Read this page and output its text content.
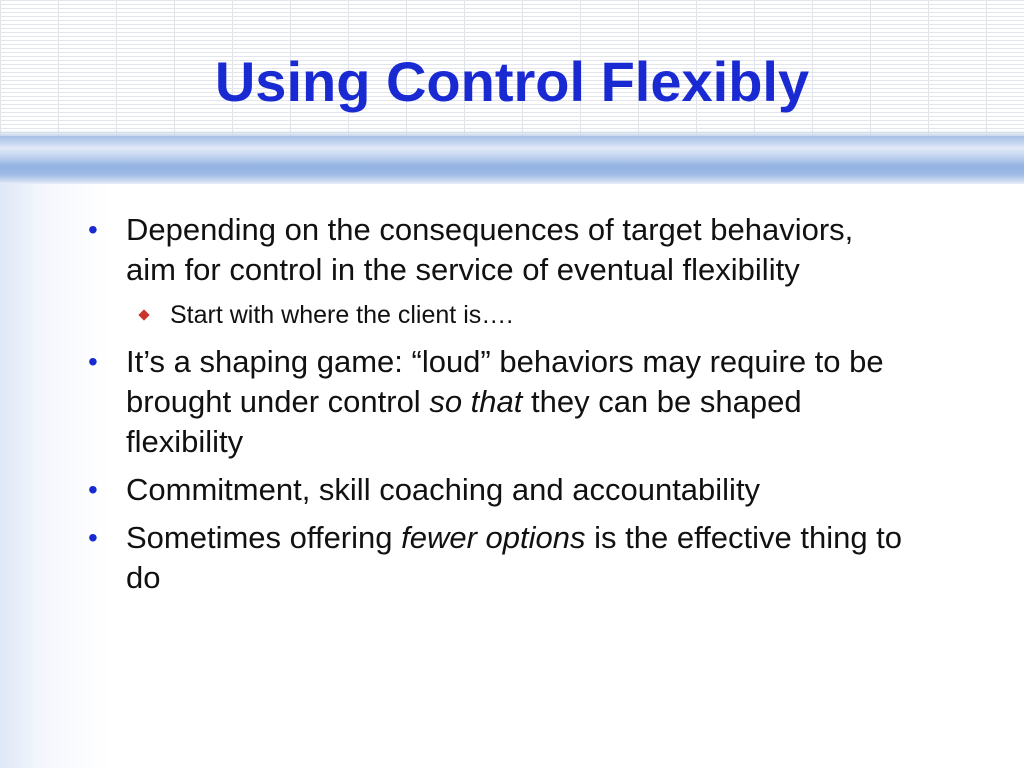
Using Control Flexibly
• Depending on the consequences of target behaviors, aim for control in the service of eventual flexibility
Start with where the client is….
• It’s a shaping game: “loud” behaviors may require to be brought under control so that they can be shaped flexibility
• Commitment, skill coaching and accountability
• Sometimes offering fewer options is the effective thing to do
